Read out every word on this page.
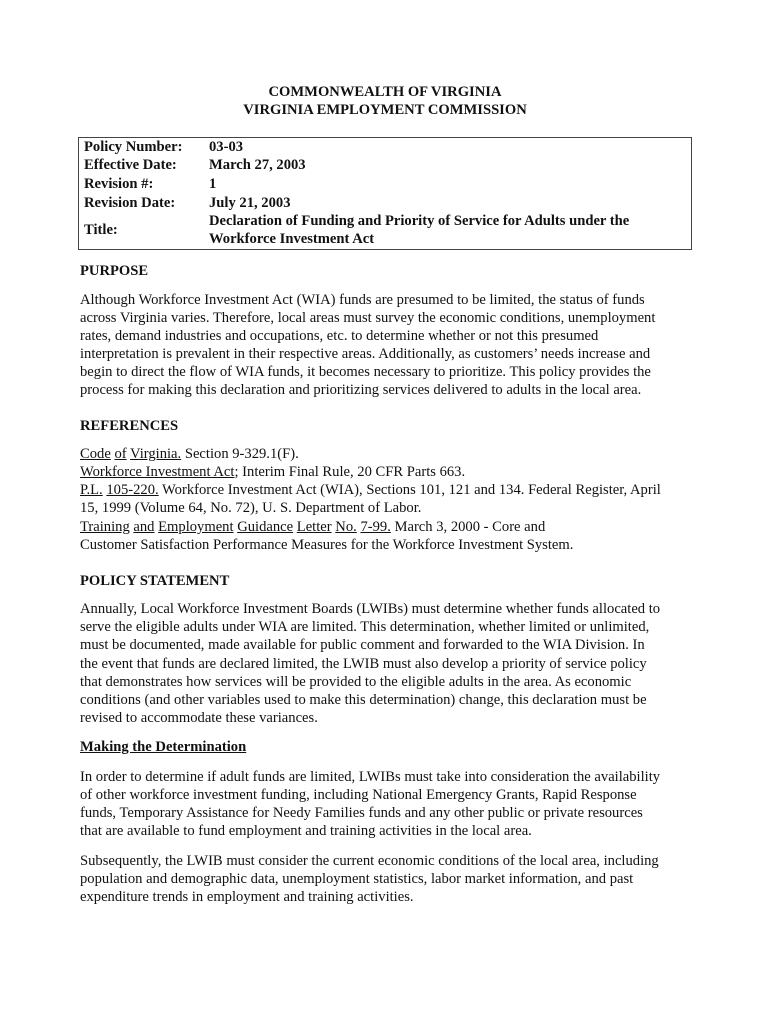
COMMONWEALTH OF VIRGINIA
VIRGINIA EMPLOYMENT COMMISSION
Policy Number: 03-03
Effective Date: March 27, 2003
Revision #:	1
Revision Date: July 21, 2003
Title:
Declaration of Funding and Priority of Service for Adults under the
Workforce Investment Act
PURPOSE
Although Workforce Investment Act (WIA) funds are presumed to be limited, the status of funds
across Virginia varies. Therefore, local areas must survey the economic conditions, unemployment
rates, demand industries and occupations, etc. to determine whether or not this presumed
interpretation is prevalent in their respective areas. Additionally, as customers’ needs increase and
begin to direct the flow of WIA funds, it becomes necessary to prioritize. This policy provides the
process for making this declaration and prioritizing services delivered to adults in the local area.
REFERENCES
Code of Virginia. Section 9-329.1(F).
Workforce Investment Act; Interim Final Rule, 20 CFR Parts 663.
P.L. 105-220. Workforce Investment Act (WIA), Sections 101, 121 and 134. Federal Register, April
15, 1999 (Volume 64, No. 72), U. S. Department of Labor.
Training and Employment Guidance Letter No. 7-99. March 3, 2000 - Core and
Customer Satisfaction Performance Measures for the Workforce Investment System.
POLICY STATEMENT
Annually, Local Workforce Investment Boards (LWIBs) must determine whether funds allocated to
serve the eligible adults under WIA are limited. This determination, whether limited or unlimited,
must be documented, made available for public comment and forwarded to the WIA Division. In
the event that funds are declared limited, the LWIB must also develop a priority of service policy
that demonstrates how services will be provided to the eligible adults in the area. As economic
conditions (and other variables used to make this determination) change, this declaration must be
revised to accommodate these variances.
Making the Determination
In order to determine if adult funds are limited, LWIBs must take into consideration the availability
of other workforce investment funding, including National Emergency Grants, Rapid Response
funds, Temporary Assistance for Needy Families funds and any other public or private resources
that are available to fund employment and training activities in the local area.
Subsequently, the LWIB must consider the current economic conditions of the local area, including
population and demographic data, unemployment statistics, labor market information, and past
expenditure trends in employment and training activities.
